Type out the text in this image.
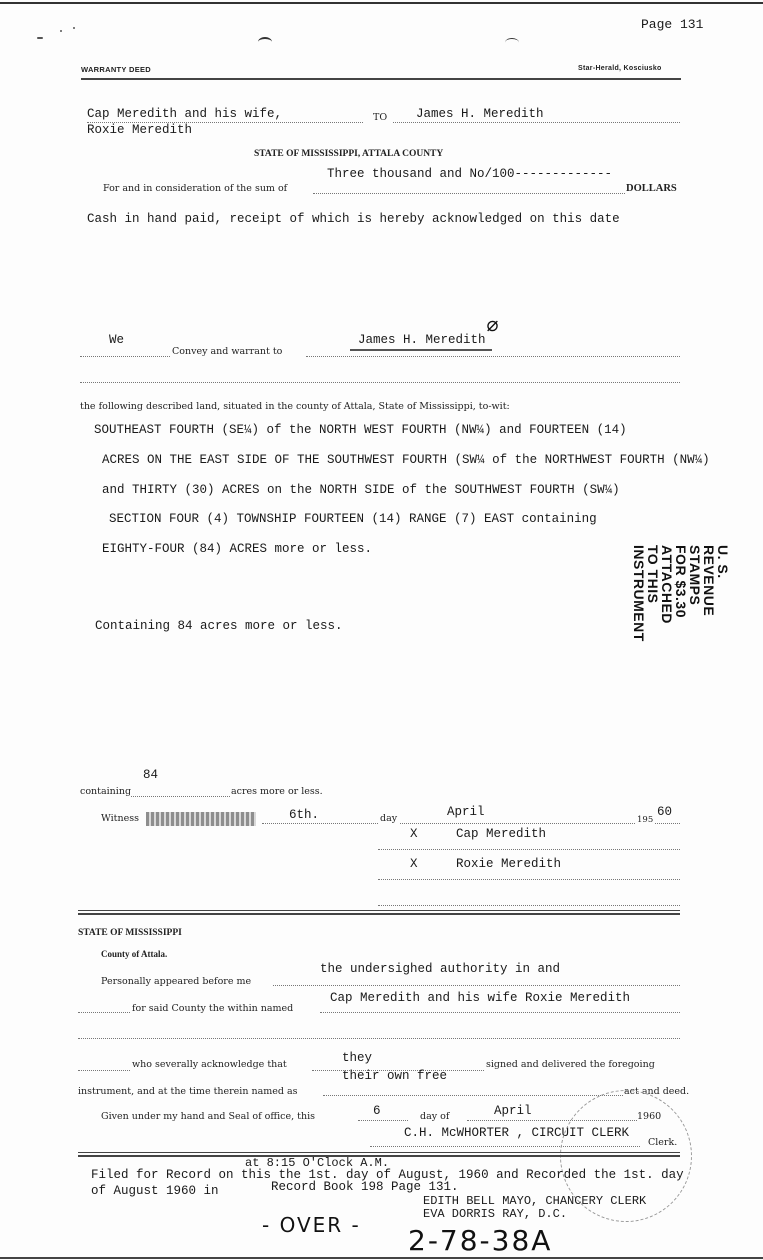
Page 131
WARRANTY DEED	Star-Herald, Kosciusko
Cap Meredith and his wife,	TO James H. Meredith
Roxie Meredith
STATE OF MISSISSIPPI, ATTALA COUNTY
Three thousand and No/100-------------
For and in consideration of the sum of	DOLLARS
Cash in hand paid, receipt of which is hereby acknowledged on this date
We
Convey and warrant to
James H. Meredith
⌀
the following described land, situated in the county of Attala, State of Mississippi, to-wit:
SOUTHEAST FOURTH (SE¼) of the NORTH WEST FOURTH (NW¼) and FOURTEEN (14)
ACRES ON THE EAST SIDE OF THE SOUTHWEST FOURTH (SW¼ of the NORTHWEST FOURTH (NW¼)
and THIRTY (30) ACRES on the NORTH SIDE of the SOUTHWEST FOURTH (SW¼)
SECTION FOUR (4) TOWNSHIP FOURTEEN (14) RANGE (7) EAST containing
EIGHTY-FOUR (84) ACRES more or less.
Containing 84 acres more or less.
U. S. REVENUE STAMPS
FOR $3.30 ATTACHED
TO THIS INSTRUMENT
84
containing	acres more or less.
Witness	6th.	day	April
195
60
X	Cap Meredith
X	Roxie Meredith
STATE OF MISSISSIPPI
County of Attala.
the undersighed authority in and
Personally appeared before me
Cap Meredith and his wife Roxie Meredith
for said County the within named
who severally acknowledge that	they	signed and delivered the foregoing
their own free
instrument, and at the time therein named as	act and deed.
Given under my hand and Seal of office, this	6	day of	April	1960
C.H. McWHORTER , CIRCUIT CLERK
Clerk.
at 8:15 O'Clock A.M.
Filed for Record on this the 1st. day of August, 1960 and Recorded the 1st. day
of August 1960 in	Record Book 198 Page 131.
EDITH BELL MAYO, CHANCERY CLERK
EVA DORRIS RAY, D.C.
- OVER - 2-78-38A
